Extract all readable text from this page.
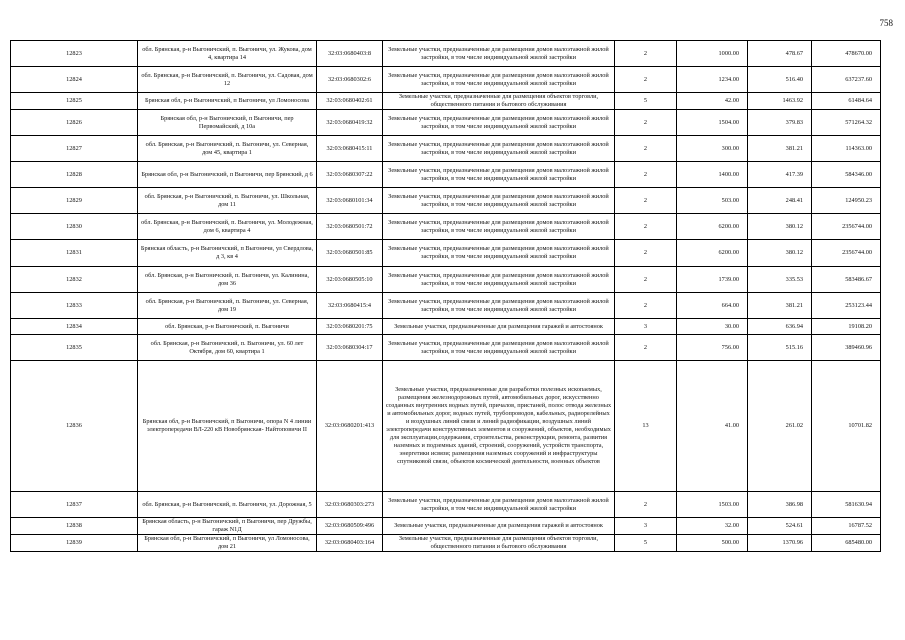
758
12823	обл. Брянская, р-н Выгоничский, п. Выгоничи, ул. Жукова, дом 4, квартира 14	32:03:0680403:8	Земельные участки, предназначенные для размещения домов малоэтажной жилой застройки, в том числе индивидуальной жилой застройки	2	1000.00	478.67	478670.00
12824	обл. Брянская, р-н Выгоничский, п. Выгоничи, ул. Садовая, дом 12	32:03:0680302:6	Земельные участки, предназначенные для размещения домов малоэтажной жилой застройки, в том числе индивидуальной жилой застройки	2	1234.00	516.40	637237.60
12825	Брянская обл, р-н Выгоничский, п Выгоничи, ул Ломоносова	32:03:0680402:61	Земельные участки, предназначенные для размещения объектов торговли, общественного питания и бытового обслуживания	5	42.00	1463.92	61484.64
12826	Брянская обл, р-н Выгоничский, п Выгоничи, пер Первомайский, д 10а	32:03:0680419:32	Земельные участки, предназначенные для размещения домов малоэтажной жилой застройки, в том числе индивидуальной жилой застройки	2	1504.00	379.83	571264.32
12827	обл. Брянская, р-н Выгоничский, п. Выгоничи, ул. Северная, дом 45, квартира 1	32:03:0680415:11	Земельные участки, предназначенные для размещения домов малоэтажной жилой застройки, в том числе индивидуальной жилой застройки	2	300.00	381.21	114363.00
12828	Брянская обл, р-н Выгоничский, п Выгоничи, пер Брянский, д 6	32:03:0680307:22	Земельные участки, предназначенные для размещения домов малоэтажной жилой застройки, в том числе индивидуальной жилой застройки	2	1400.00	417.39	584346.00
12829	обл. Брянская, р-н Выгоничский, п. Выгоничи, ул. Школьная, дом 11	32:03:0680101:34	Земельные участки, предназначенные для размещения домов малоэтажной жилой застройки, в том числе индивидуальной жилой застройки	2	503.00	248.41	124950.23
12830	обл. Брянская, р-н Выгоничский, п. Выгоничи, ул. Молодежная, дом 6, квартира 4	32:03:0680501:72	Земельные участки, предназначенные для размещения домов малоэтажной жилой застройки, в том числе индивидуальной жилой застройки	2	6200.00	380.12	2356744.00
12831	Брянская область, р-н Выгоничский, п Выгоничи, ул Свердлова, д 3, кв 4	32:03:0680501:85	Земельные участки, предназначенные для размещения домов малоэтажной жилой застройки, в том числе индивидуальной жилой застройки	2	6200.00	380.12	2356744.00
12832	обл. Брянская, р-н Выгоничский, п. Выгоничи, ул. Калинина, дом 36	32:03:0680505:10	Земельные участки, предназначенные для размещения домов малоэтажной жилой застройки, в том числе индивидуальной жилой застройки	2	1739.00	335.53	583486.67
12833	обл. Брянская, р-н Выгоничский, п. Выгоничи, ул. Северная, дом 19	32:03:0680415:4	Земельные участки, предназначенные для размещения домов малоэтажной жилой застройки, в том числе индивидуальной жилой застройки	2	664.00	381.21	253123.44
12834	обл. Брянская, р-н Выгоничский, п. Выгоничи	32:03:0680201:75	Земельные участки, предназначенные для размещения гаражей и автостоянок	3	30.00	636.94	19108.20
12835	обл. Брянская, р-н Выгоничский, п. Выгоничи, ул. 60 лет Октября, дом 60, квартира 1	32:03:0680304:17	Земельные участки, предназначенные для размещения домов малоэтажной жилой застройки, в том числе индивидуальной жилой застройки	2	756.00	515.16	389460.96
12836	Брянская обл, р-н Выгоничский, п Выгоничи, опора N 4 линии электропередачи ВЛ-220 кВ Новобрянская- Найтоповичи II	32:03:0680201:413	Земельные участки, предназначенные для разработки полезных ископаемых, размещения железнодорожных путей, автомобильных дорог, искусственно созданных внутренних водных путей, причалов, пристаней, полос отвода железных и автомобильных дорог, водных путей, трубопроводов, кабельных, радиорелейных и воздушных линий связи и линий радиофикации, воздушных линий электропередачи конструктивных элементов и сооружений, объектов, необходимых для эксплуатации,содержания, строительства, реконструкции, ремонта, развития наземных и подземных зданий, строений, сооружений, устройств транспорта, энергетики исвязи; размещения наземных сооружений и инфраструктуры спутниковой связи, объектов космической деятельности, военных объектов	13	41.00	261.02	10701.82
12837	обл. Брянская, р-н Выгоничский, п. Выгоничи, ул. Дорожная, 5	32:03:0680303:273	Земельные участки, предназначенные для размещения домов малоэтажной жилой застройки, в том числе индивидуальной жилой застройки	2	1503.00	386.98	581630.94
12838	Брянская область, р-н Выгоничский, п Выгоничи, пер Дружбы, гараж N1Д	32:03:0680509:496	Земельные участки, предназначенные для размещения гаражей и автостоянок	3	32.00	524.61	16787.52
12839	Брянская обл, р-н Выгоничский, п Выгоничи, ул Ломоносова, дом 21	32:03:0680403:164	Земельные участки, предназначенные для размещения объектов торговли, общественного питания и бытового обслуживания	5	500.00	1370.96	685480.00
